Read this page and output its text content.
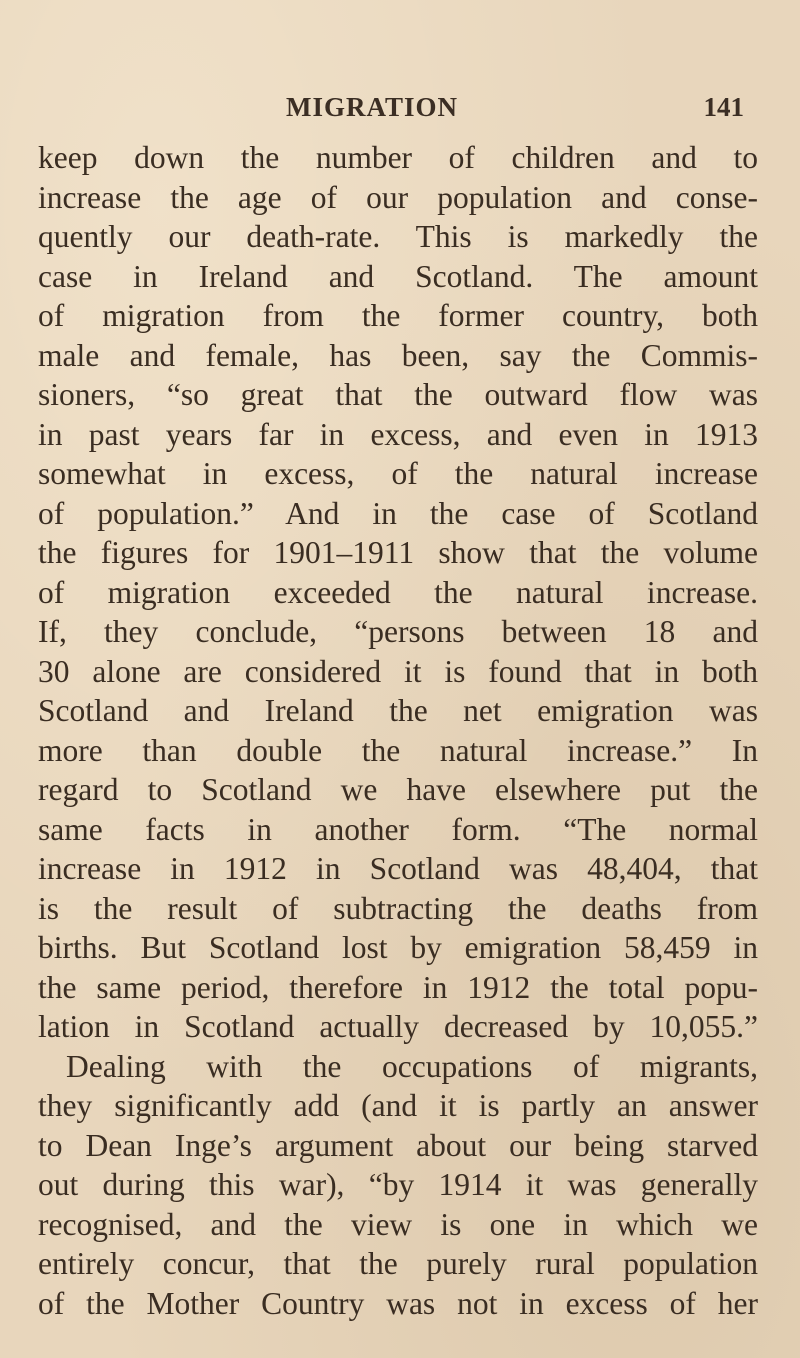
MIGRATION	141
keep down the number of children and to
increase the age of our population and conse-
quently our death-rate. This is markedly the
case in Ireland and Scotland. The amount
of migration from the former country, both
male and female, has been, say the Commis-
sioners, “so great that the outward flow was
in past years far in excess, and even in 1913
somewhat in excess, of the natural increase
of population.” And in the case of Scotland
the figures for 1901–1911 show that the volume
of migration exceeded the natural increase.
If, they conclude, “persons between 18 and
30 alone are considered it is found that in both
Scotland and Ireland the net emigration was
more than double the natural increase.” In
regard to Scotland we have elsewhere put the
same facts in another form. “The normal
increase in 1912 in Scotland was 48,404, that
is the result of subtracting the deaths from
births. But Scotland lost by emigration 58,459 in
the same period, therefore in 1912 the total popu-
lation in Scotland actually decreased by 10,055.”
Dealing with the occupations of migrants,
they significantly add (and it is partly an answer
to Dean Inge’s argument about our being starved
out during this war), “by 1914 it was generally
recognised, and the view is one in which we
entirely concur, that the purely rural population
of the Mother Country was not in excess of her
